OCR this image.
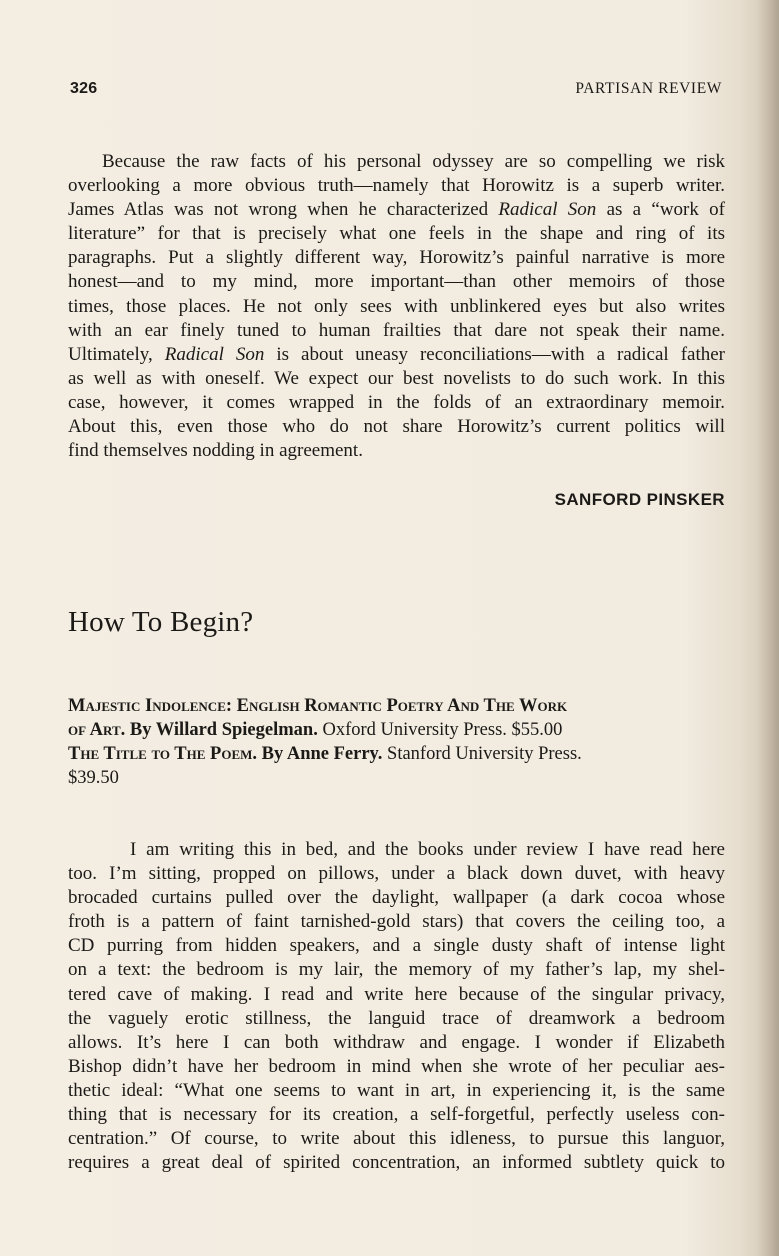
326	PARTISAN REVIEW

Because the raw facts of his personal odyssey are so compelling we risk
overlooking a more obvious truth—namely that Horowitz is a superb writer.
James Atlas was not wrong when he characterized Radical Son as a “work of
literature” for that is precisely what one feels in the shape and ring of its
paragraphs. Put a slightly different way, Horowitz’s painful narrative is more
honest—and to my mind, more important—than other memoirs of those
times, those places. He not only sees with unblinkered eyes but also writes
with an ear finely tuned to human frailties that dare not speak their name.
Ultimately, Radical Son is about uneasy reconciliations—with a radical father
as well as with oneself. We expect our best novelists to do such work. In this
case, however, it comes wrapped in the folds of an extraordinary memoir.
About this, even those who do not share Horowitz’s current politics will
find themselves nodding in agreement.

SANFORD PINSKER
How To Begin?
Majestic Indolence: English Romantic Poetry And The Work
of Art. By Willard Spiegelman. Oxford University Press. $55.00
The Title to The Poem. By Anne Ferry. Stanford University Press.
$39.50

I am writing this in bed, and the books under review I have read here
too. I’m sitting, propped on pillows, under a black down duvet, with heavy
brocaded curtains pulled over the daylight, wallpaper (a dark cocoa whose
froth is a pattern of faint tarnished-gold stars) that covers the ceiling too, a
CD purring from hidden speakers, and a single dusty shaft of intense light
on a text: the bedroom is my lair, the memory of my father’s lap, my shel-
tered cave of making. I read and write here because of the singular privacy,
the vaguely erotic stillness, the languid trace of dreamwork a bedroom
allows. It’s here I can both withdraw and engage. I wonder if Elizabeth
Bishop didn’t have her bedroom in mind when she wrote of her peculiar aes-
thetic ideal: “What one seems to want in art, in experiencing it, is the same
thing that is necessary for its creation, a self-forgetful, perfectly useless con-
centration.” Of course, to write about this idleness, to pursue this languor,
requires a great deal of spirited concentration, an informed subtlety quick to
